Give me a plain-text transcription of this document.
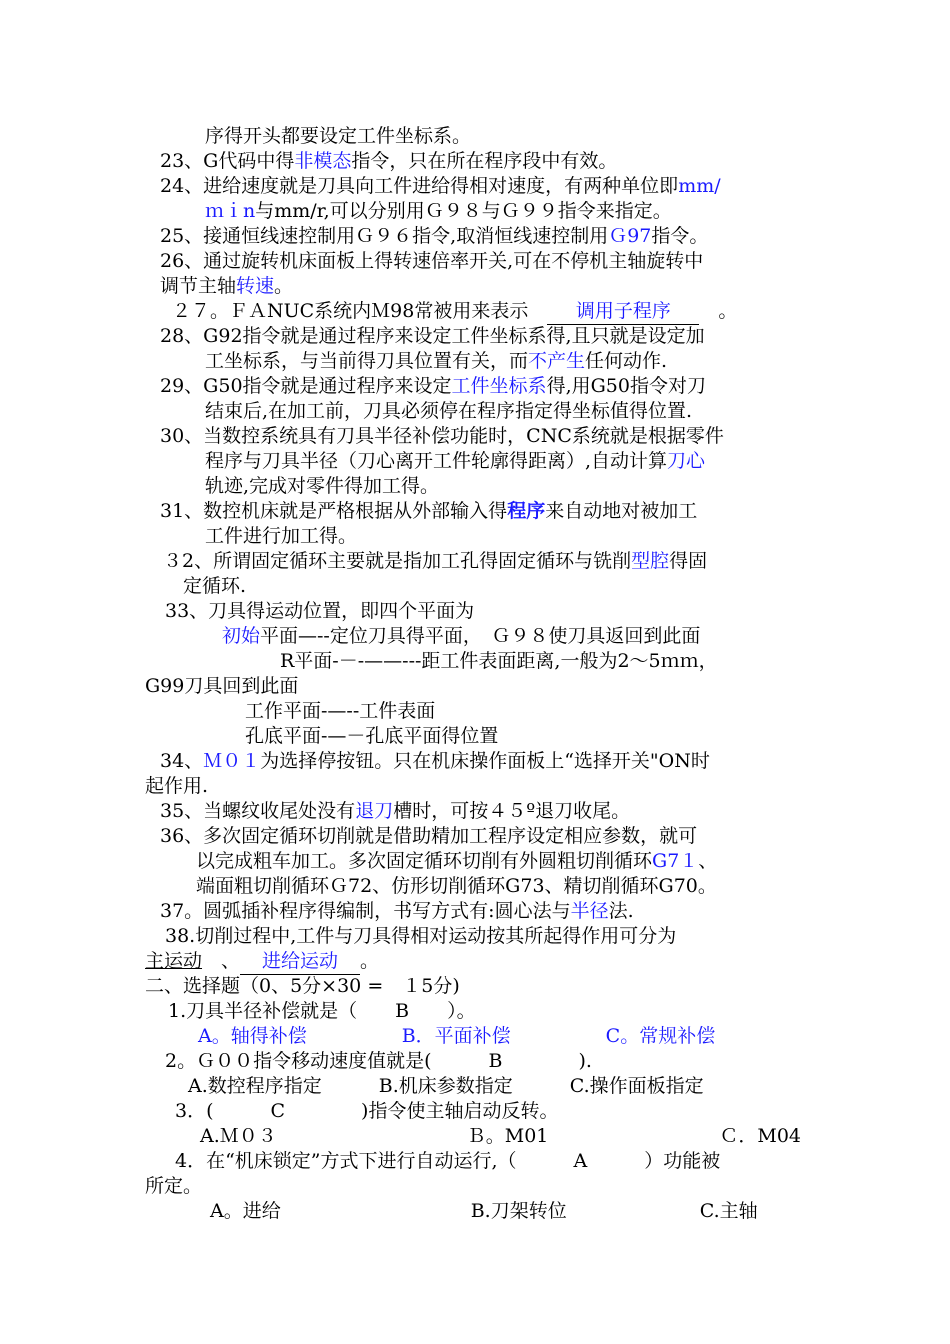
序得开头都要设定工件坐标系。
23、G代码中得非模态指令，只在所在程序段中有效。
24、进给速度就是刀具向工件进给得相对速度，有两种单位即mm/
ｍｉn与mm/r,可以分别用Ｇ９８与Ｇ９９指令来指定。
25、接通恒线速控制用Ｇ９６指令,取消恒线速控制用Ｇ97指令。
26、通过旋转机床面板上得转速倍率开关,可在不停机主轴旋转中
调节主轴转速。
２７。ＦＡNUC系统内Ｍ98常被用来表示　调用子程序　。
28、G92指令就是通过程序来设定工件坐标系得,且只就是设定加
工坐标系，与当前得刀具位置有关，而不产生任何动作.
29、G50指令就是通过程序来设定工件坐标系得,用G50指令对刀
结束后,在加工前，刀具必须停在程序指定得坐标值得位置.
30、当数控系统具有刀具半径补偿功能时，CNC系统就是根据零件
程序与刀具半径（刀心离开工件轮廓得距离）,自动计算刀心
轨迹,完成对零件得加工得。
31、数控机床就是严格根据从外部输入得程序来自动地对被加工
工件进行加工得。
３2、所谓固定循环主要就是指加工孔得固定循环与铣削型腔得固
定循环.
33、刀具得运动位置，即四个平面为
初始平面—--定位刀具得平面，　Ｇ９８使刀具返回到此面
R平面-－-——---距工件表面距离,一般为2～5ｍｍ，
G99刀具回到此面
工作平面-—--工件表面
孔底平面-—－孔底平面得位置
34、Ｍ０１为选择停按钮。只在机床操作面板上“选择开关"ON时
起作用.
35、当螺纹收尾处没有退刀槽时，可按４５º退刀收尾。
36、多次固定循环切削就是借助精加工程序设定相应参数，就可
以完成粗车加工。多次固定循环切削有外圆粗切削循环G7１、
端面粗切削循环Ｇ72、仿形切削循环G73、精切削循环G70。
37。圆弧插补程序得编制，书写方式有:圆心法与半径法.
38.切削过程中,工件与刀具得相对运动按其所起得作用可分为
主运动　、 进给运动 。
二、选择题（0、5分×30 =　１5分)
1.刀具半径补偿就是（　　B　　）。
A。轴得补偿　　　　　B．平面补偿　　　　　C。常规补偿
2。Ｇ００指令移动速度值就是(　　　B　　　　).
A.数控程序指定　　　B.机床参数指定　　　C.操作面板指定
3．(　　　C　　　　)指令使主轴启动反转。
A.Ｍ０３　　　　　　　　　　Ｂ。M01　　　　　　　　　Ｃ．M04
4．在“机床锁定”方式下进行自动运行,（　　　A　　　）功能被
所定。
A。进给　　　　　　　　　　B.刀架转位　　　　　　　C.主轴
